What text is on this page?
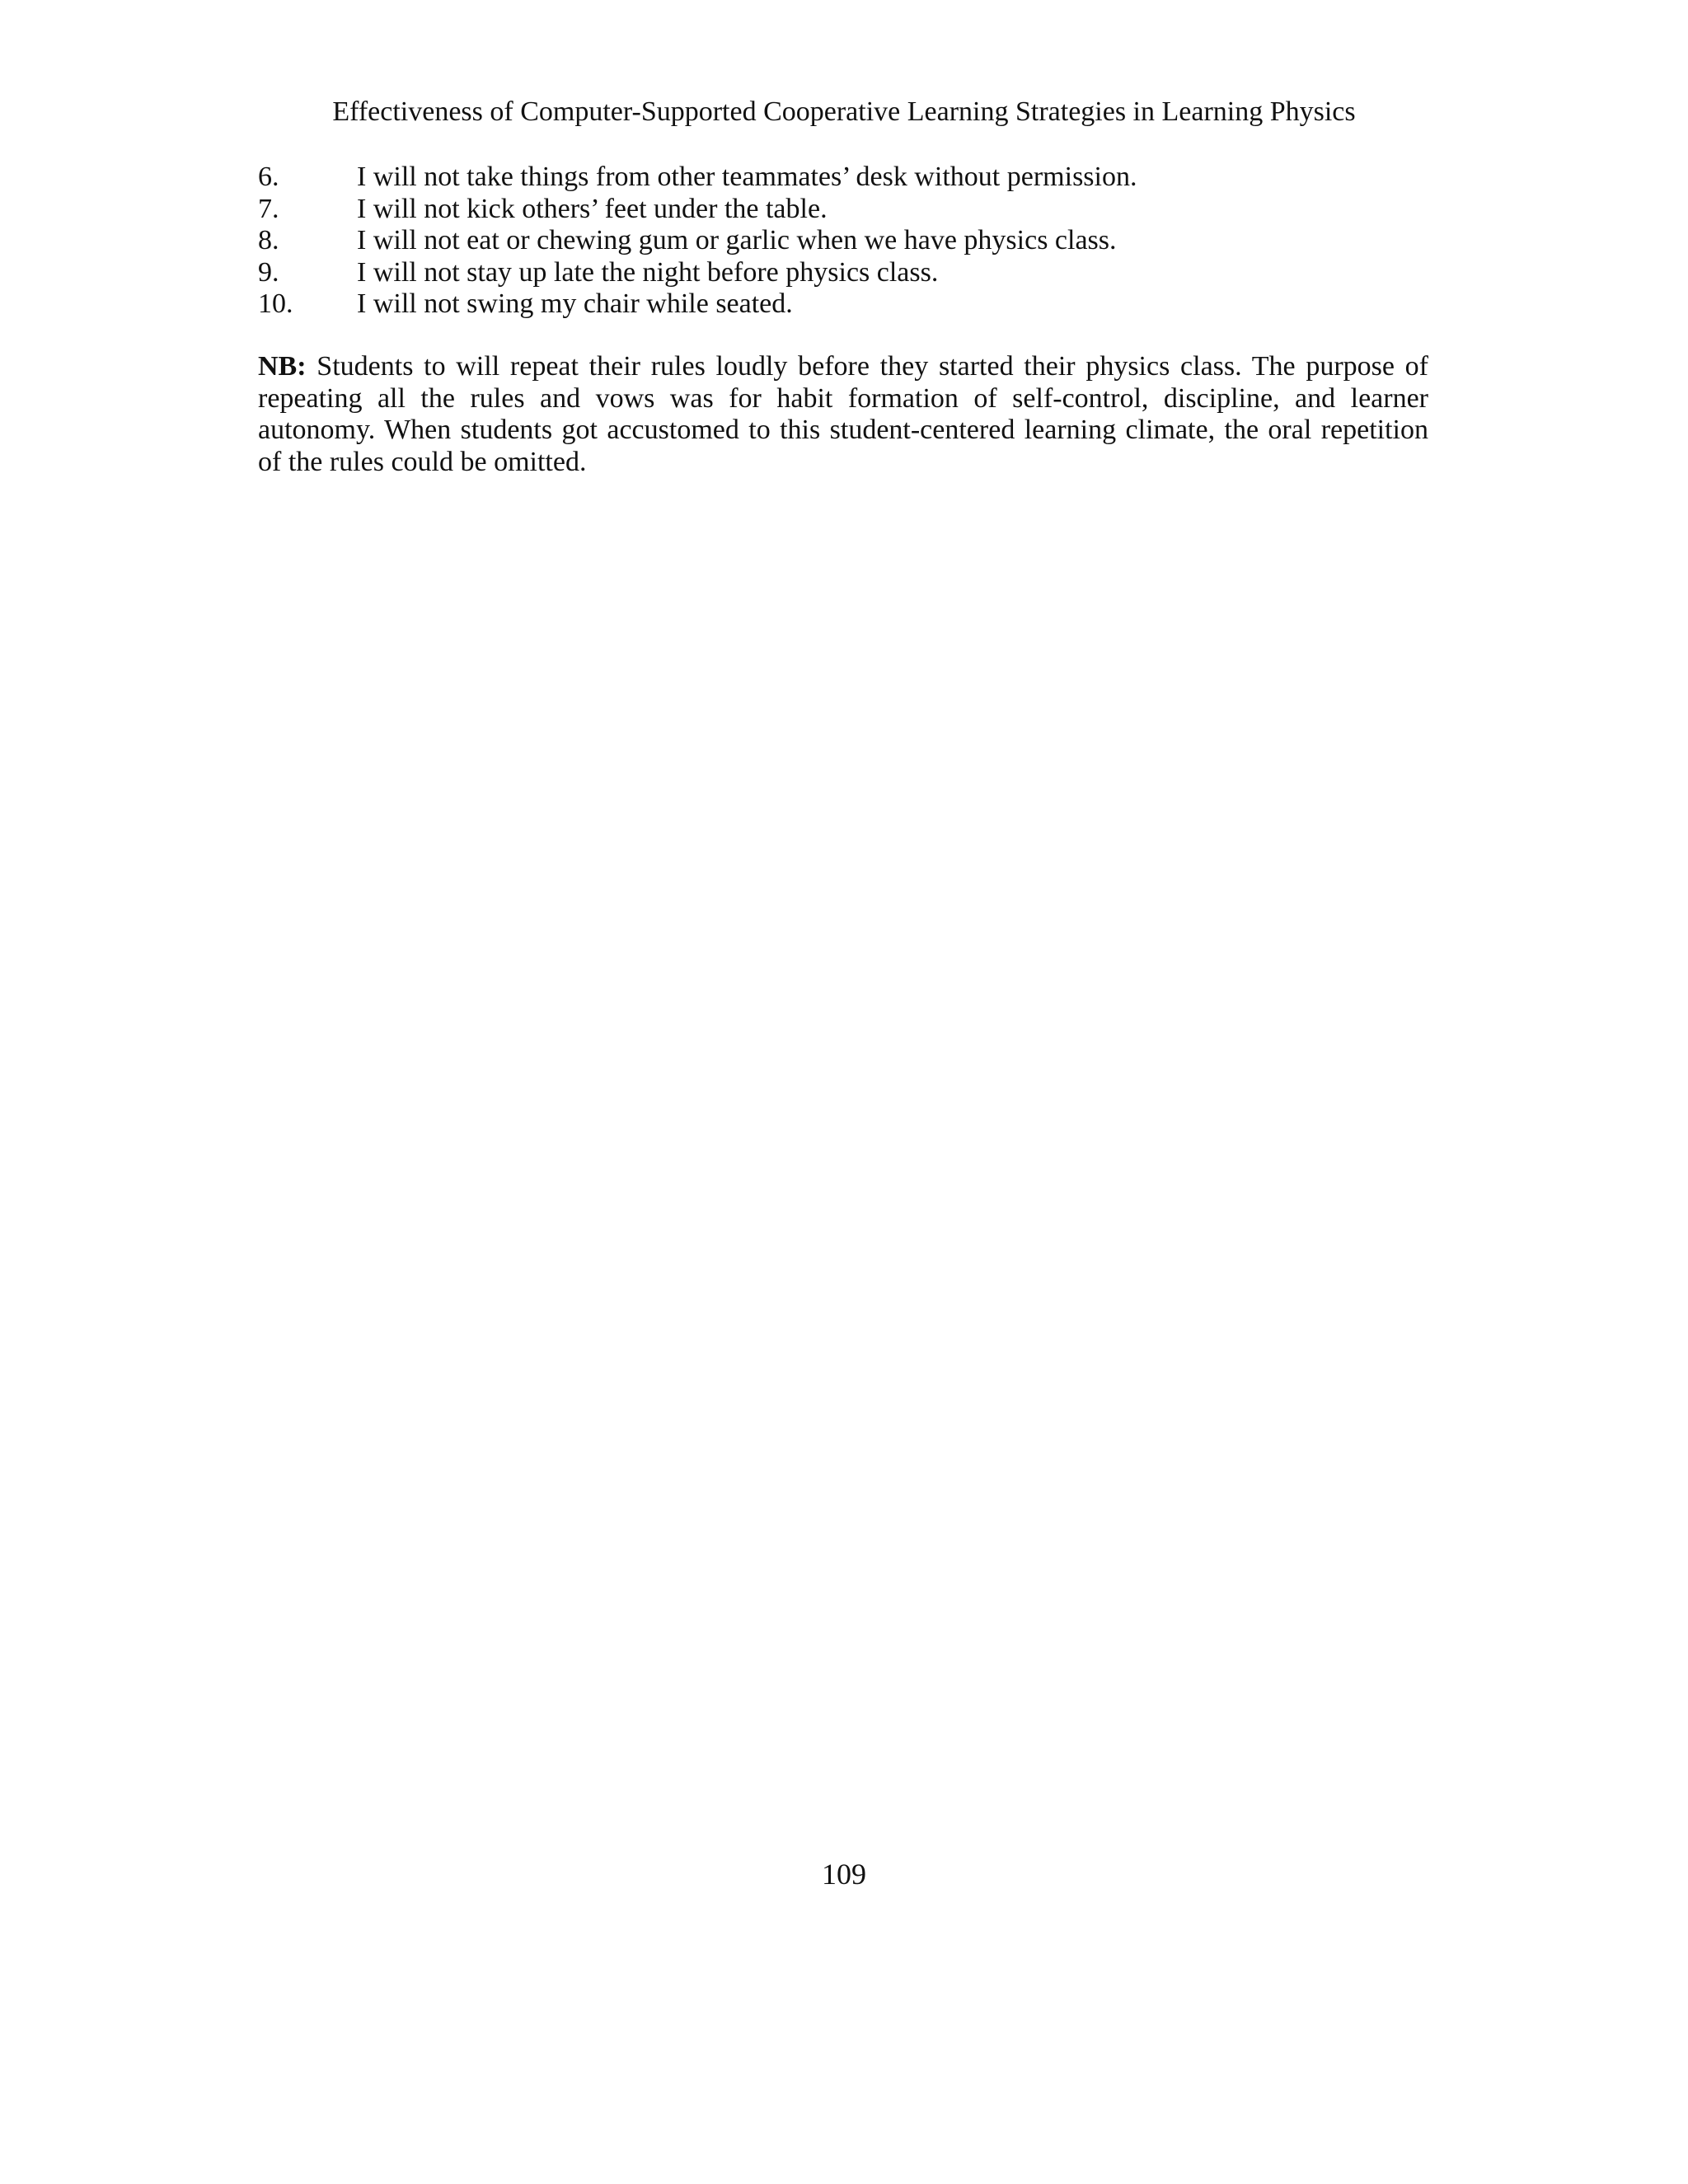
Effectiveness of Computer-Supported Cooperative Learning Strategies in Learning Physics
6.	I will not take things from other teammates’ desk without permission.
7.	I will not kick others’ feet under the table.
8.	I will not eat or chewing gum or garlic when we have physics class.
9.	I will not stay up late the night before physics class.
10.	I will not swing my chair while seated.

NB: Students to will repeat their rules loudly before they started their physics class. The purpose of repeating all the rules and vows was for habit formation of self-control, discipline, and learner autonomy. When students got accustomed to this student-centered learning climate, the oral repetition of the rules could be omitted.

109
